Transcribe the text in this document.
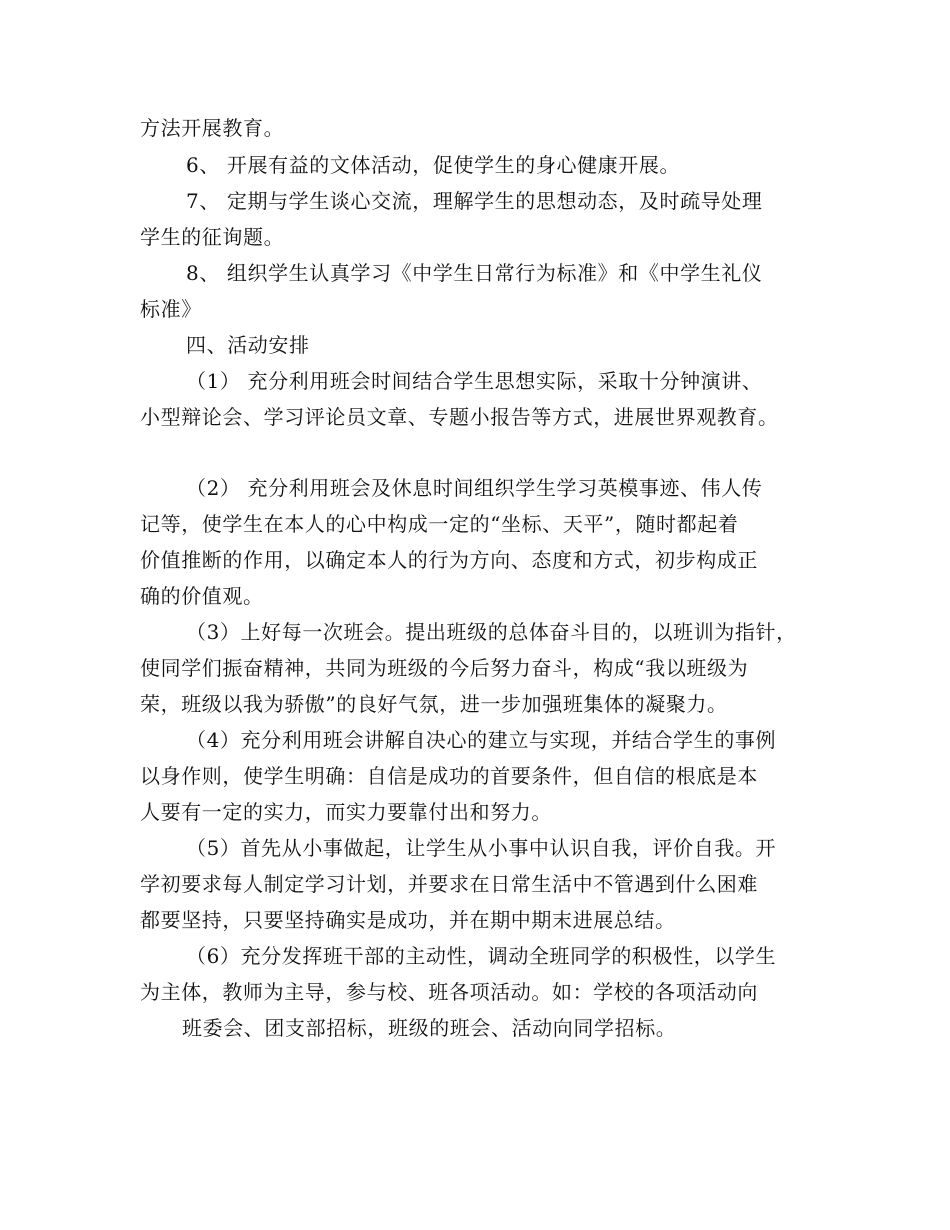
方法开展教育。
6、 开展有益的文体活动，促使学生的身心健康开展。
7、 定期与学生谈心交流，理解学生的思想动态，及时疏导处理
学生的征询题。
8、 组织学生认真学习《中学生日常行为标准》和《中学生礼仪
标准》
四、活动安排
（1） 充分利用班会时间结合学生思想实际，采取十分钟演讲、
小型辩论会、学习评论员文章、专题小报告等方式，进展世界观教育。
（2） 充分利用班会及休息时间组织学生学习英模事迹、伟人传
记等，使学生在本人的心中构成一定的“坐标、天平”，随时都起着
价值推断的作用，以确定本人的行为方向、态度和方式，初步构成正
确的价值观。
（3）上好每一次班会。提出班级的总体奋斗目的，以班训为指针，
使同学们振奋精神，共同为班级的今后努力奋斗，构成“我以班级为
荣，班级以我为骄傲”的良好气氛，进一步加强班集体的凝聚力。
（4）充分利用班会讲解自决心的建立与实现，并结合学生的事例
以身作则，使学生明确：自信是成功的首要条件，但自信的根底是本
人要有一定的实力，而实力要靠付出和努力。
（5）首先从小事做起，让学生从小事中认识自我，评价自我。开
学初要求每人制定学习计划，并要求在日常生活中不管遇到什么困难
都要坚持，只要坚持确实是成功，并在期中期末进展总结。
（6）充分发挥班干部的主动性，调动全班同学的积极性，以学生
为主体，教师为主导，参与校、班各项活动。如：学校的各项活动向
班委会、团支部招标，班级的班会、活动向同学招标。
